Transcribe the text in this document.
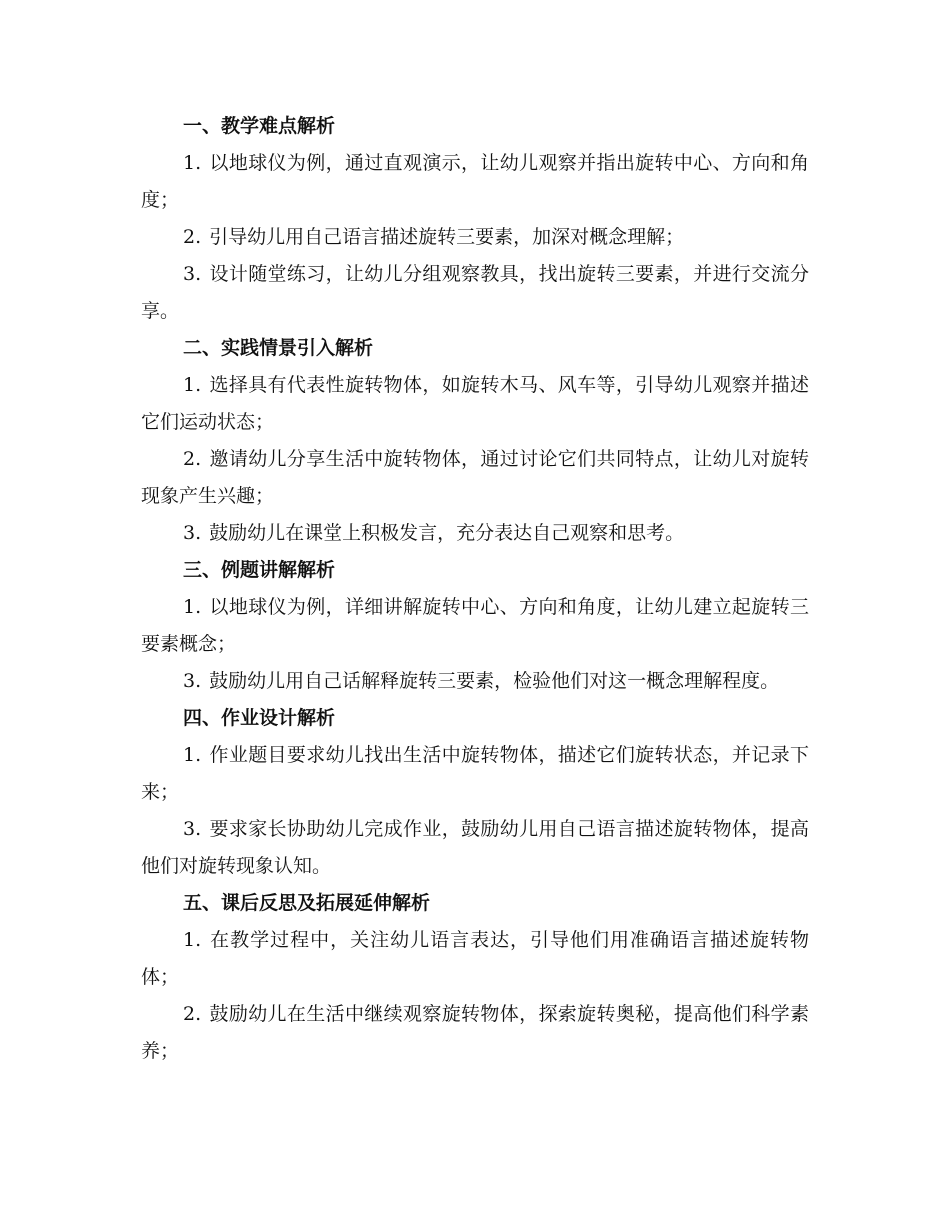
一、教学难点解析

1. 以地球仪为例，通过直观演示，让幼儿观察并指出旋转中心、方向和角度；

2. 引导幼儿用自己语言描述旋转三要素，加深对概念理解；

3. 设计随堂练习，让幼儿分组观察教具，找出旋转三要素，并进行交流分享。

二、实践情景引入解析

1. 选择具有代表性旋转物体，如旋转木马、风车等，引导幼儿观察并描述它们运动状态；

2. 邀请幼儿分享生活中旋转物体，通过讨论它们共同特点，让幼儿对旋转现象产生兴趣；

3. 鼓励幼儿在课堂上积极发言，充分表达自己观察和思考。

三、例题讲解解析

1. 以地球仪为例，详细讲解旋转中心、方向和角度，让幼儿建立起旋转三要素概念；

3. 鼓励幼儿用自己话解释旋转三要素，检验他们对这一概念理解程度。

四、作业设计解析

1. 作业题目要求幼儿找出生活中旋转物体，描述它们旋转状态，并记录下来；

3. 要求家长协助幼儿完成作业，鼓励幼儿用自己语言描述旋转物体，提高他们对旋转现象认知。

五、课后反思及拓展延伸解析

1. 在教学过程中，关注幼儿语言表达，引导他们用准确语言描述旋转物体；

2. 鼓励幼儿在生活中继续观察旋转物体，探索旋转奥秘，提高他们科学素养；
